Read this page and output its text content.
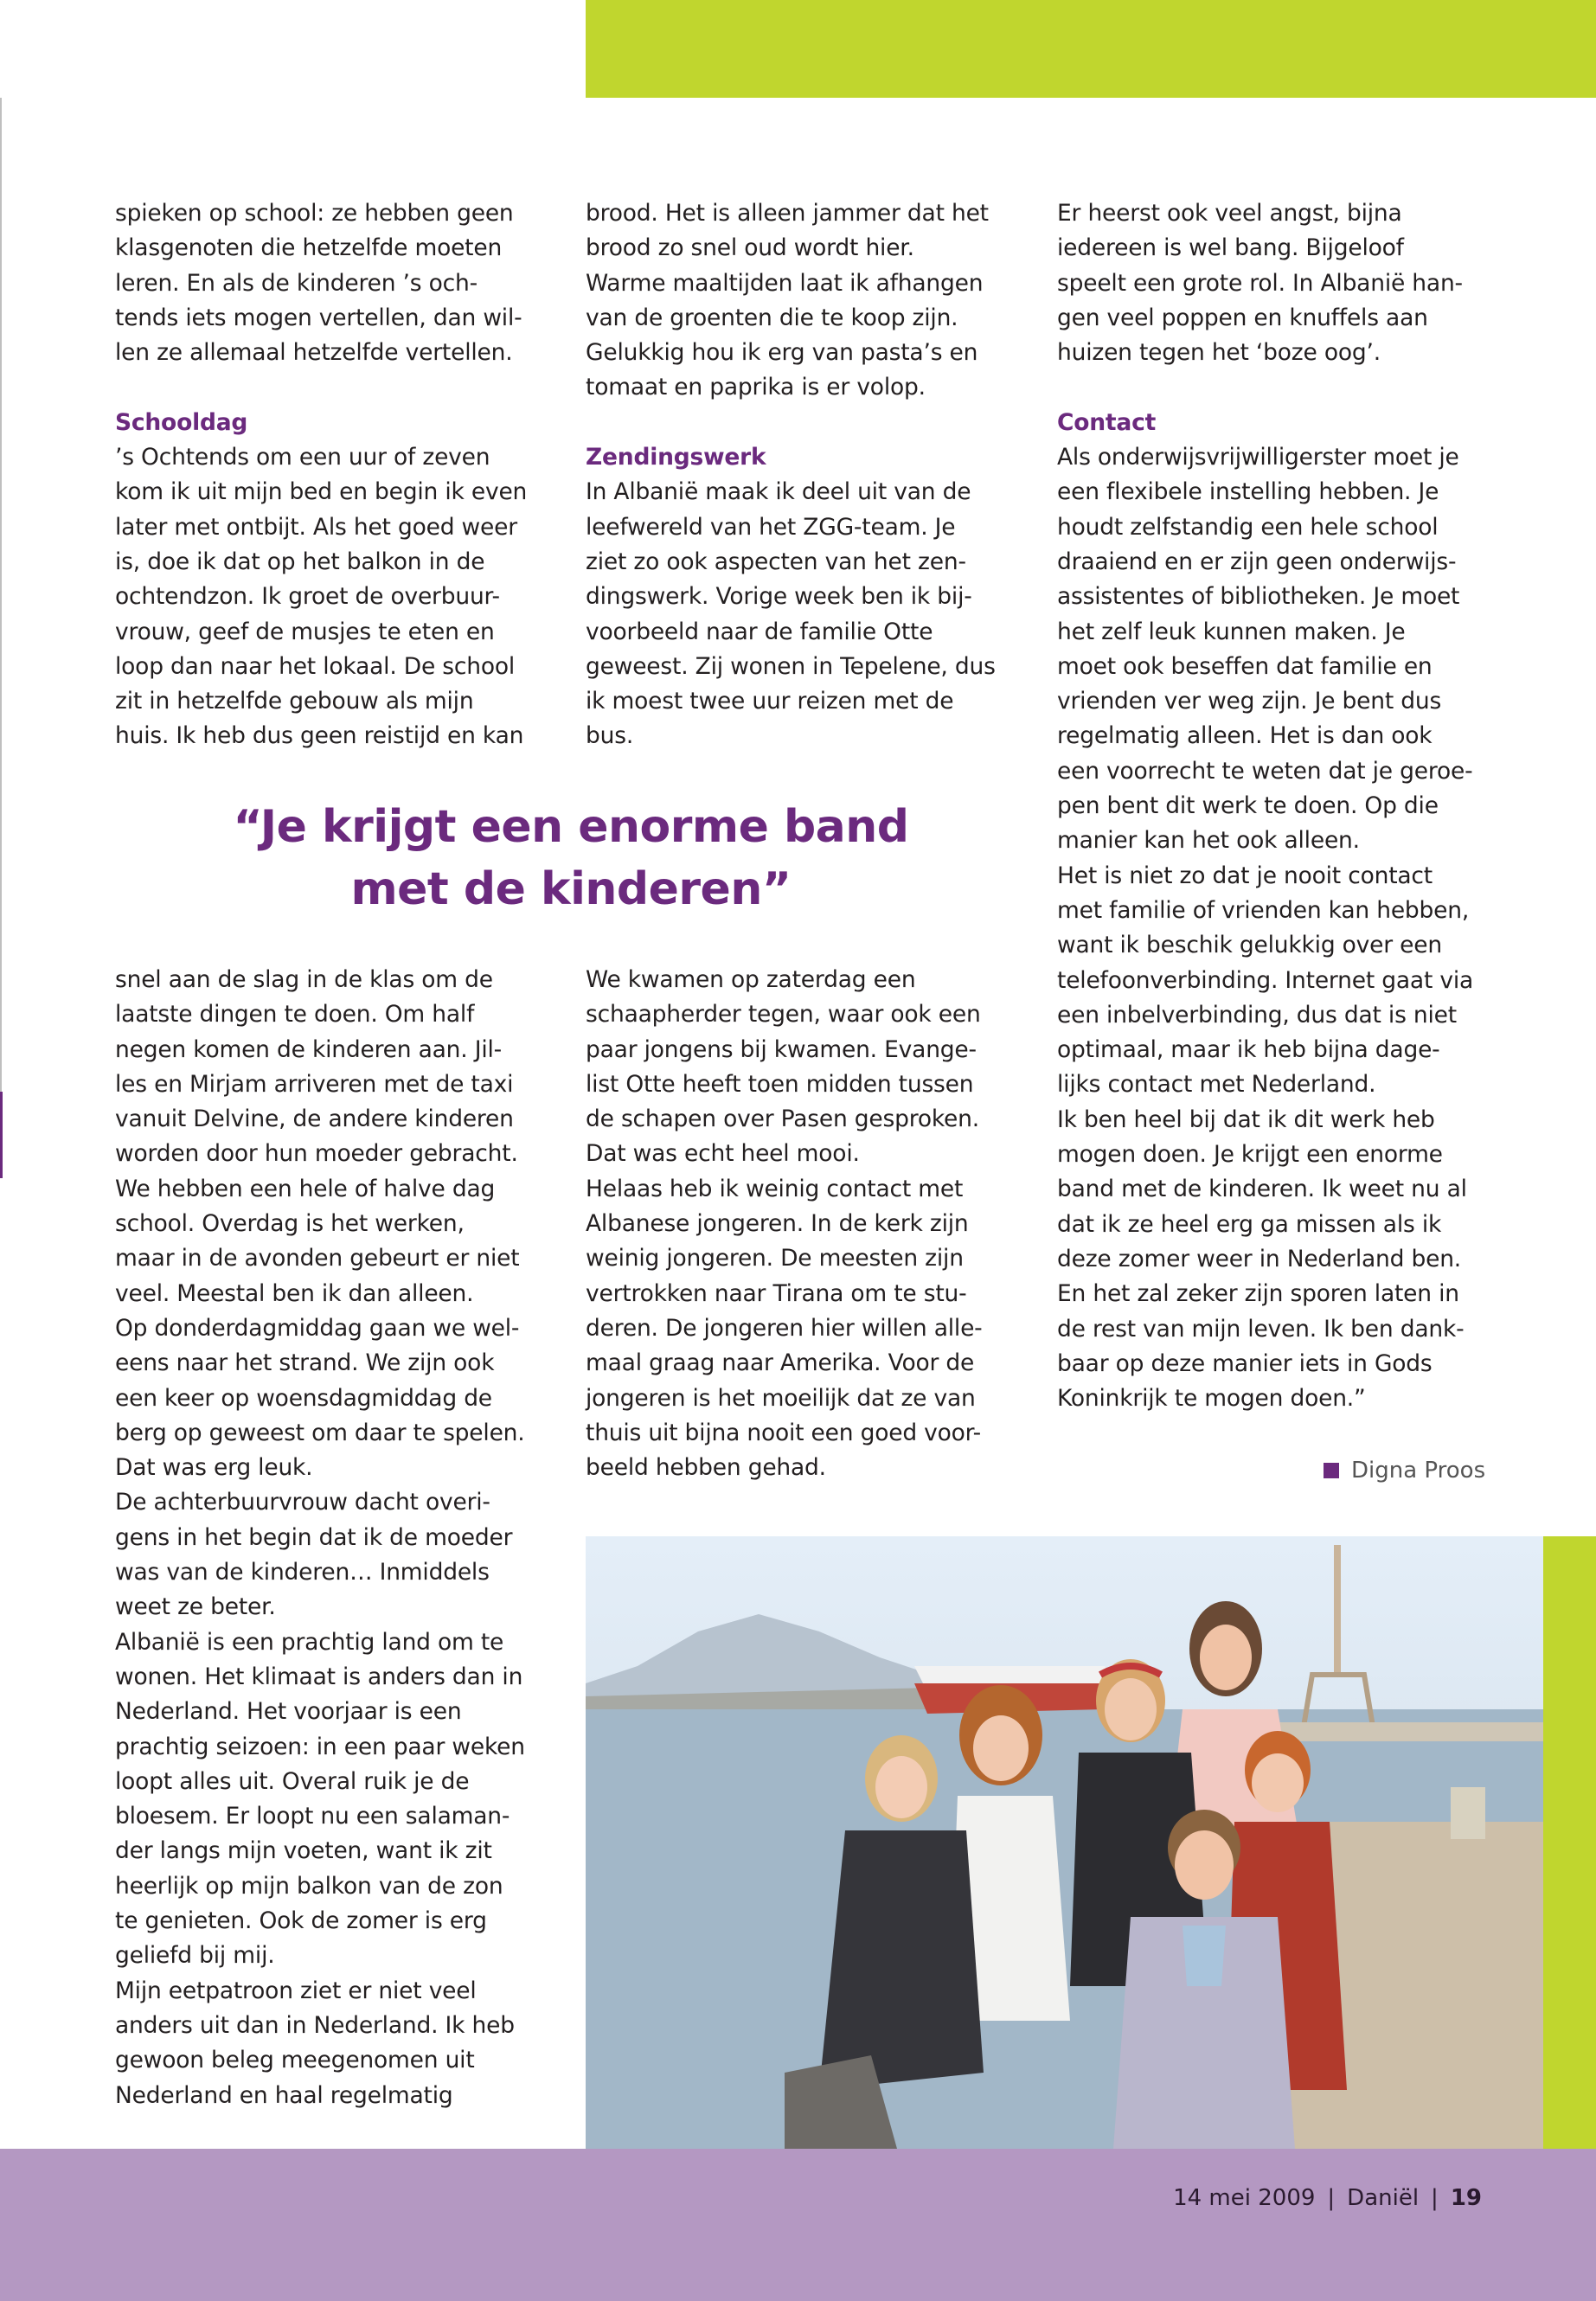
spieken op school: ze hebben geen
klasgenoten die hetzelfde moeten
leren. En als de kinderen ’s och-
tends iets mogen vertellen, dan wil-
len ze allemaal hetzelfde vertellen.
Schooldag
’s Ochtends om een uur of zeven
kom ik uit mijn bed en begin ik even
later met ontbijt. Als het goed weer
is, doe ik dat op het balkon in de
ochtendzon. Ik groet de overbuur-
vrouw, geef de musjes te eten en
loop dan naar het lokaal. De school
zit in hetzelfde gebouw als mijn
huis. Ik heb dus geen reistijd en kan
brood. Het is alleen jammer dat het
brood zo snel oud wordt hier.
Warme maaltijden laat ik afhangen
van de groenten die te koop zijn.
Gelukkig hou ik erg van pasta’s en
tomaat en paprika is er volop.
Zendingswerk
In Albanië maak ik deel uit van de
leefwereld van het ZGG-team. Je
ziet zo ook aspecten van het zen-
dingswerk. Vorige week ben ik bij-
voorbeeld naar de familie Otte
geweest. Zij wonen in Tepelene, dus
ik moest twee uur reizen met de
bus.
Er heerst ook veel angst, bijna
iedereen is wel bang. Bijgeloof
speelt een grote rol. In Albanië han-
gen veel poppen en knuffels aan
huizen tegen het ‘boze oog’.
Contact
Als onderwijsvrijwilligerster moet je
een flexibele instelling hebben. Je
houdt zelfstandig een hele school
draaiend en er zijn geen onderwijs-
assistentes of bibliotheken. Je moet
het zelf leuk kunnen maken. Je
moet ook beseffen dat familie en
vrienden ver weg zijn. Je bent dus
regelmatig alleen. Het is dan ook
een voorrecht te weten dat je geroe-
pen bent dit werk te doen. Op die
manier kan het ook alleen.
Het is niet zo dat je nooit contact
met familie of vrienden kan hebben,
want ik beschik gelukkig over een
telefoonverbinding. Internet gaat via
een inbelverbinding, dus dat is niet
optimaal, maar ik heb bijna dage-
lijks contact met Nederland.
Ik ben heel bij dat ik dit werk heb
mogen doen. Je krijgt een enorme
band met de kinderen. Ik weet nu al
dat ik ze heel erg ga missen als ik
deze zomer weer in Nederland ben.
En het zal zeker zijn sporen laten in
de rest van mijn leven. Ik ben dank-
baar op deze manier iets in Gods
Koninkrijk te mogen doen.”
“Je krijgt een enorme band
met de kinderen”
snel aan de slag in de klas om de
laatste dingen te doen. Om half
negen komen de kinderen aan. Jil-
les en Mirjam arriveren met de taxi
vanuit Delvine, de andere kinderen
worden door hun moeder gebracht.
We hebben een hele of halve dag
school. Overdag is het werken,
maar in de avonden gebeurt er niet
veel. Meestal ben ik dan alleen.
Op donderdagmiddag gaan we wel-
eens naar het strand. We zijn ook
een keer op woensdagmiddag de
berg op geweest om daar te spelen.
Dat was erg leuk.
De achterbuurvrouw dacht overi-
gens in het begin dat ik de moeder
was van de kinderen… Inmiddels
weet ze beter.
Albanië is een prachtig land om te
wonen. Het klimaat is anders dan in
Nederland. Het voorjaar is een
prachtig seizoen: in een paar weken
loopt alles uit. Overal ruik je de
bloesem. Er loopt nu een salaman-
der langs mijn voeten, want ik zit
heerlijk op mijn balkon van de zon
te genieten. Ook de zomer is erg
geliefd bij mij.
Mijn eetpatroon ziet er niet veel
anders uit dan in Nederland. Ik heb
gewoon beleg meegenomen uit
Nederland en haal regelmatig
We kwamen op zaterdag een
schaapherder tegen, waar ook een
paar jongens bij kwamen. Evange-
list Otte heeft toen midden tussen
de schapen over Pasen gesproken.
Dat was echt heel mooi.
Helaas heb ik weinig contact met
Albanese jongeren. In de kerk zijn
weinig jongeren. De meesten zijn
vertrokken naar Tirana om te stu-
deren. De jongeren hier willen alle-
maal graag naar Amerika. Voor de
jongeren is het moeilijk dat ze van
thuis uit bijna nooit een goed voor-
beeld hebben gehad.	Digna Proos
14 mei 2009 | Daniël | 19
